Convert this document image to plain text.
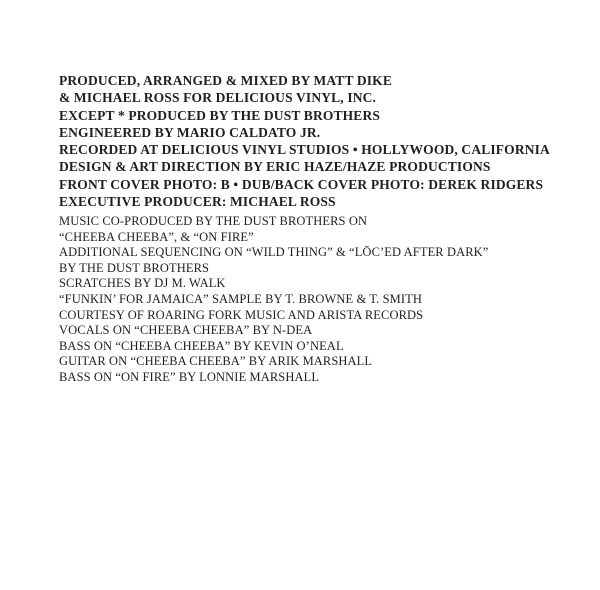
PRODUCED, ARRANGED & MIXED BY MATT DIKE
& MICHAEL ROSS FOR DELICIOUS VINYL, INC.
EXCEPT * PRODUCED BY THE DUST BROTHERS
ENGINEERED BY MARIO CALDATO JR.
RECORDED AT DELICIOUS VINYL STUDIOS • HOLLYWOOD, CALIFORNIA
DESIGN & ART DIRECTION BY ERIC HAZE/HAZE PRODUCTIONS
FRONT COVER PHOTO: B • DUB/BACK COVER PHOTO: DEREK RIDGERS
EXECUTIVE PRODUCER: MICHAEL ROSS
MUSIC CO-PRODUCED BY THE DUST BROTHERS ON
“CHEEBA CHEEBA”, & “ON FIRE”
ADDITIONAL SEQUENCING ON “WILD THING” & “LŌC’ED AFTER DARK”
BY THE DUST BROTHERS
SCRATCHES BY DJ M. WALK
“FUNKIN’ FOR JAMAICA” SAMPLE BY T. BROWNE & T. SMITH
COURTESY OF ROARING FORK MUSIC AND ARISTA RECORDS
VOCALS ON “CHEEBA CHEEBA” BY N-DEA
BASS ON “CHEEBA CHEEBA” BY KEVIN O’NEAL
GUITAR ON “CHEEBA CHEEBA” BY ARIK MARSHALL
BASS ON “ON FIRE” BY LONNIE MARSHALL
